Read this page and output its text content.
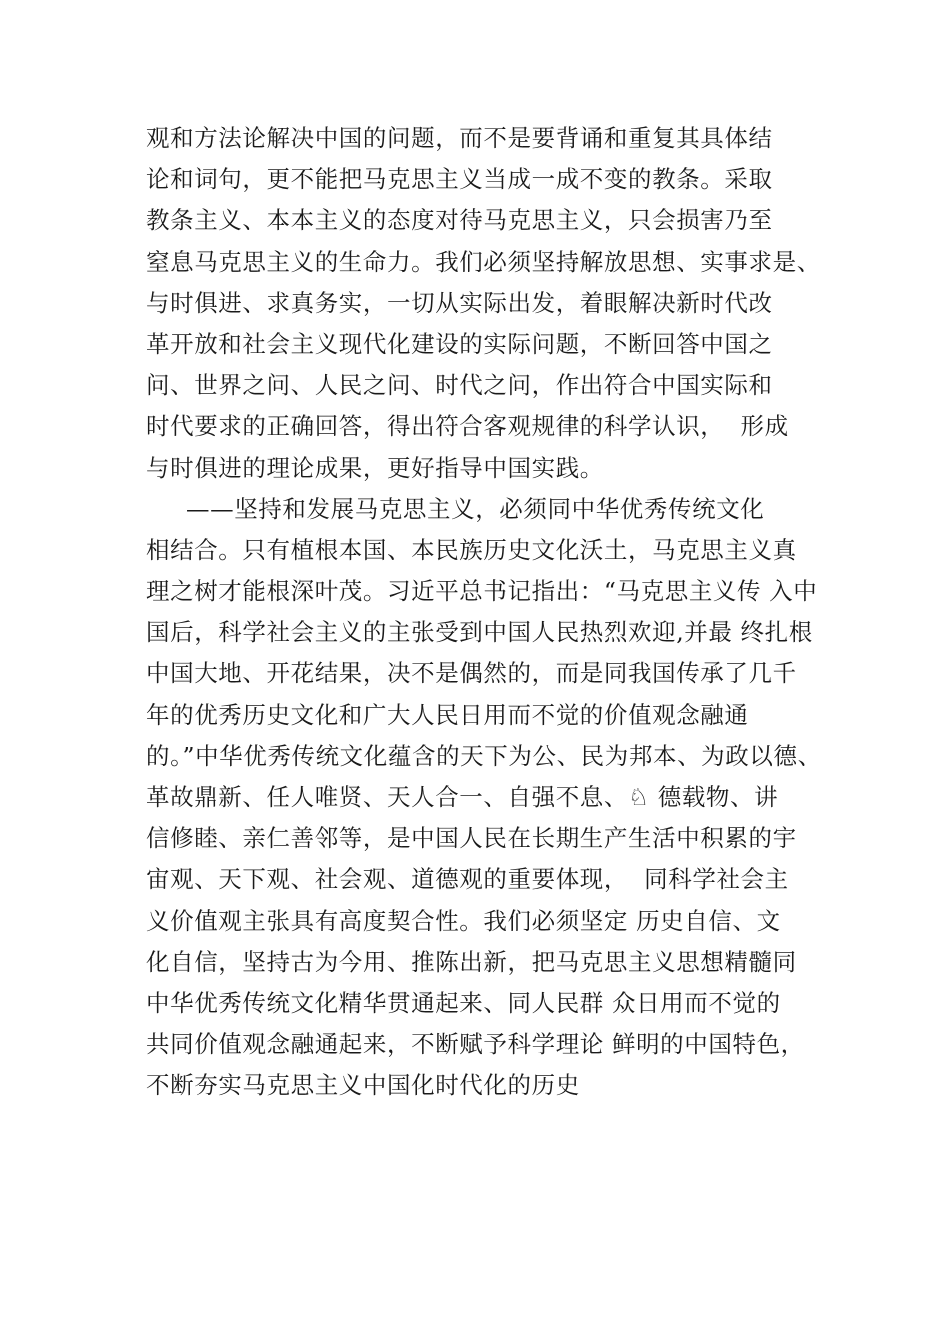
观和方法论解决中国的问题，而不是要背诵和重复其具体结
论和词句，更不能把马克思主义当成一成不变的教条。采取
教条主义、本本主义的态度对待马克思主义，只会损害乃至
窒息马克思主义的生命力。我们必须坚持解放思想、实事求是、
与时俱进、求真务实，一切从实际出发，着眼解决新时代改
革开放和社会主义现代化建设的实际问题，不断回答中国之
问、世界之问、人民之问、时代之问，作出符合中国实际和
时代要求的正确回答，得出符合客观规律的科学认识，  形成
与时俱进的理论成果，更好指导中国实践。
——坚持和发展马克思主义，必须同中华优秀传统文化
相结合。只有植根本国、本民族历史文化沃土，马克思主义真
理之树才能根深叶茂。习近平总书记指出：“马克思主义传 入中
国后，科学社会主义的主张受到中国人民热烈欢迎,并最 终扎根
中国大地、开花结果，决不是偶然的，而是同我国传承了几千
年的优秀历史文化和广大人民日用而不觉的价值观念融通
的。”中华优秀传统文化蕴含的天下为公、民为邦本、为政以德、
革故鼎新、任人唯贤、天人合一、自强不息、♘ 德载物、讲
信修睦、亲仁善邻等，是中国人民在长期生产生活中积累的宇
宙观、天下观、社会观、道德观的重要体现，  同科学社会主
义价值观主张具有高度契合性。我们必须坚定 历史自信、文
化自信，坚持古为今用、推陈出新，把马克思主义思想精髓同
中华优秀传统文化精华贯通起来、同人民群 众日用而不觉的
共同价值观念融通起来，不断赋予科学理论 鲜明的中国特色，
不断夯实马克思主义中国化时代化的历史
